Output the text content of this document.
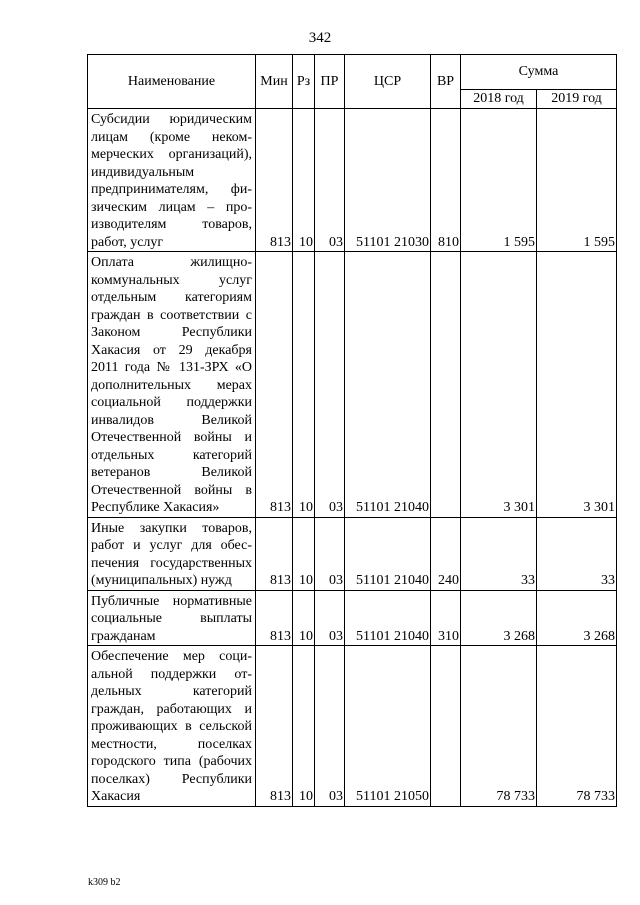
342
Наименование	Мин	Рз	ПР	ЦСР	ВР	Сумма	
						2018 год	2019 год
Субсидии юридическим лицам (кроме некоммерческих организаций), индивидуальным предпринимателям, физическим лицам – производителям товаров, работ, услуг	813	10	03	51101 21030	810	1 595	1 595
Оплата жилищно-коммунальных услуг отдельным категориям граждан в соответствии с Законом Республики Хакасия от 29 декабря 2011 года № 131-ЗРХ «О дополнительных мерах социальной поддержки инвалидов Великой Отечественной войны и отдельных категорий ветеранов Великой Отечественной войны в Республике Хакасия»	813	10	03	51101 21040		3 301	3 301
Иные закупки товаров, работ и услуг для обеспечения государственных (муниципальных) нужд	813	10	03	51101 21040	240	33	33
Публичные нормативные социальные выплаты гражданам	813	10	03	51101 21040	310	3 268	3 268
Обеспечение мер социальной поддержки отдельных категорий граждан, работающих и проживающих в сельской местности, поселках городского типа (рабочих поселках) Республики Хакасия	813	10	03	51101 21050		78 733	78 733
k309 b2
